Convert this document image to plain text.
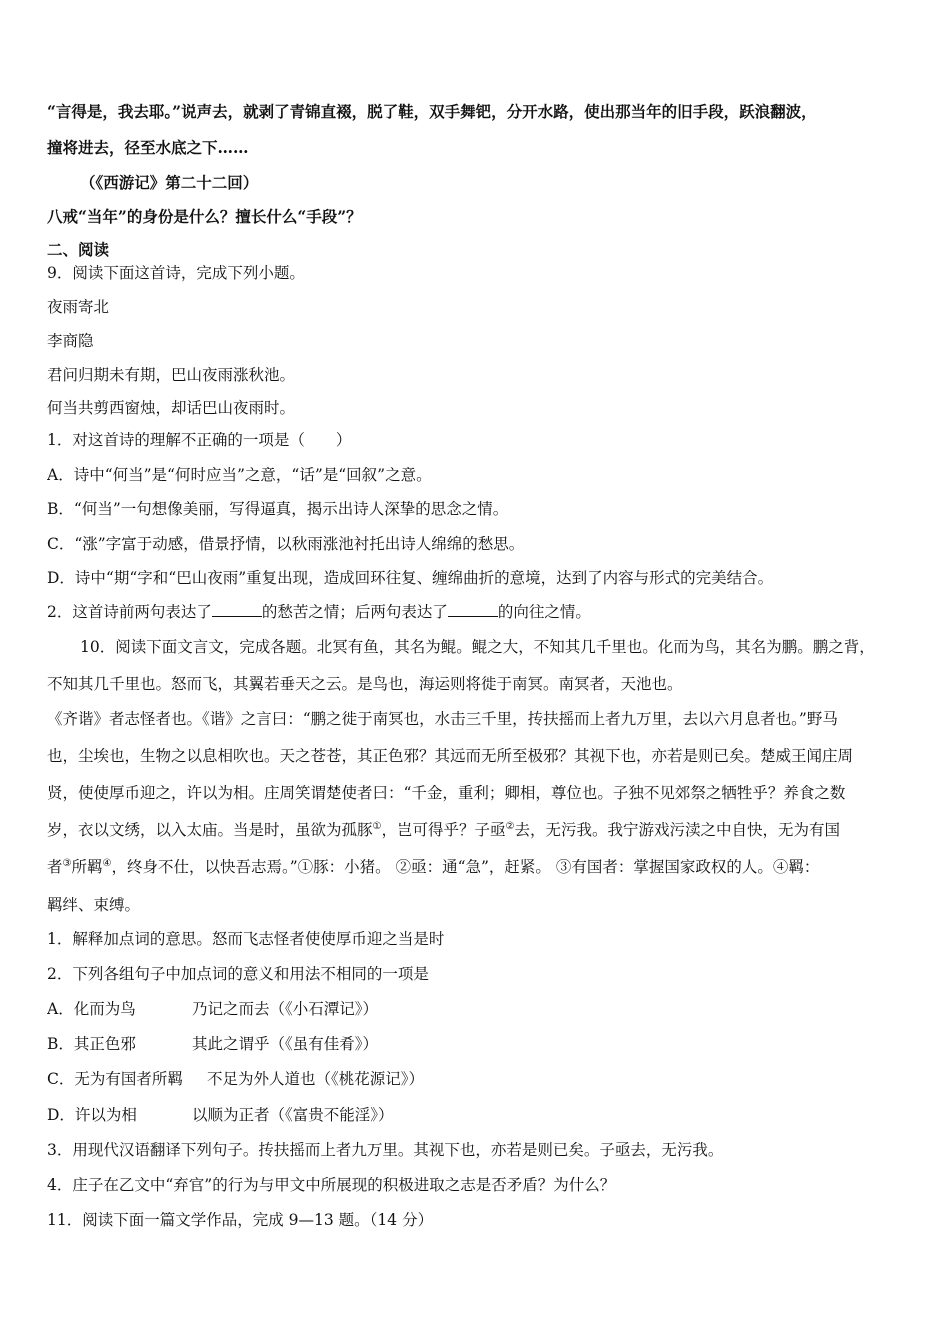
“言得是，我去耶。”说声去，就剥了青锦直裰，脱了鞋，双手舞钯，分开水路，使出那当年的旧手段，跃浪翻波，
撞将进去，径至水底之下……
（《西游记》第二十二回）
八戒“当年”的身份是什么？擅长什么“手段”？
二、阅读
9．阅读下面这首诗，完成下列小题。
夜雨寄北
李商隐
君问归期未有期，巴山夜雨涨秋池。
何当共剪西窗烛，却话巴山夜雨时。
1．对这首诗的理解不正确的一项是（　　）
A．诗中“何当”是“何时应当”之意，“话”是“回叙”之意。
B．“何当”一句想像美丽，写得逼真，揭示出诗人深挚的思念之情。
C．“涨”字富于动感，借景抒情，以秋雨涨池衬托出诗人绵绵的愁思。
D．诗中“期“字和“巴山夜雨”重复出现，造成回环往复、缠绵曲折的意境，达到了内容与形式的完美结合。
2．这首诗前两句表达了	的愁苦之情；后两句表达了	的向往之情。
10．阅读下面文言文，完成各题。北冥有鱼，其名为鲲。鲲之大，不知其几千里也。化而为鸟，其名为鹏。鹏之背，
不知其几千里也。怒而飞，其翼若垂天之云。是鸟也，海运则将徙于南冥。南冥者，天池也。
《齐谐》者志怪者也。《谐》之言曰：“鹏之徙于南冥也，水击三千里，抟扶摇而上者九万里，去以六月息者也。”野马
也，尘埃也，生物之以息相吹也。天之苍苍，其正色邪？其远而无所至极邪？其视下也，亦若是则已矣。楚威王闻庄周
贤，使使厚币迎之，许以为相。庄周笑谓楚使者曰：“千金，重利；卿相，尊位也。子独不见郊祭之牺牲乎？养食之数
岁，衣以文绣，以入太庙。当是时，虽欲为孤豚①，岂可得乎？子亟②去，无污我。我宁游戏污渎之中自快，无为有国
者③所羁④，终身不仕，以快吾志焉。”①豚：小猪。 ②亟：通“急”，赶紧。 ③有国者：掌握国家政权的人。④羁：
羁绊、束缚。
1．解释加点词的意思。怒而飞志怪者使使厚币迎之当是时
2．下列各组句子中加点词的意义和用法不相同的一项是
A．化而为鸟	乃记之而去（《小石潭记》）
B．其正色邪	其此之谓乎（《虽有佳肴》）
C．无为有国者所羁 不足为外人道也（《桃花源记》）
D．许以为相	以顺为正者（《富贵不能淫》）
3．用现代汉语翻译下列句子。抟扶摇而上者九万里。其视下也，亦若是则已矣。子亟去，无污我。
4．庄子在乙文中“弃官”的行为与甲文中所展现的积极进取之志是否矛盾？为什么？
11．阅读下面一篇文学作品，完成 9—13 题。（14 分）
